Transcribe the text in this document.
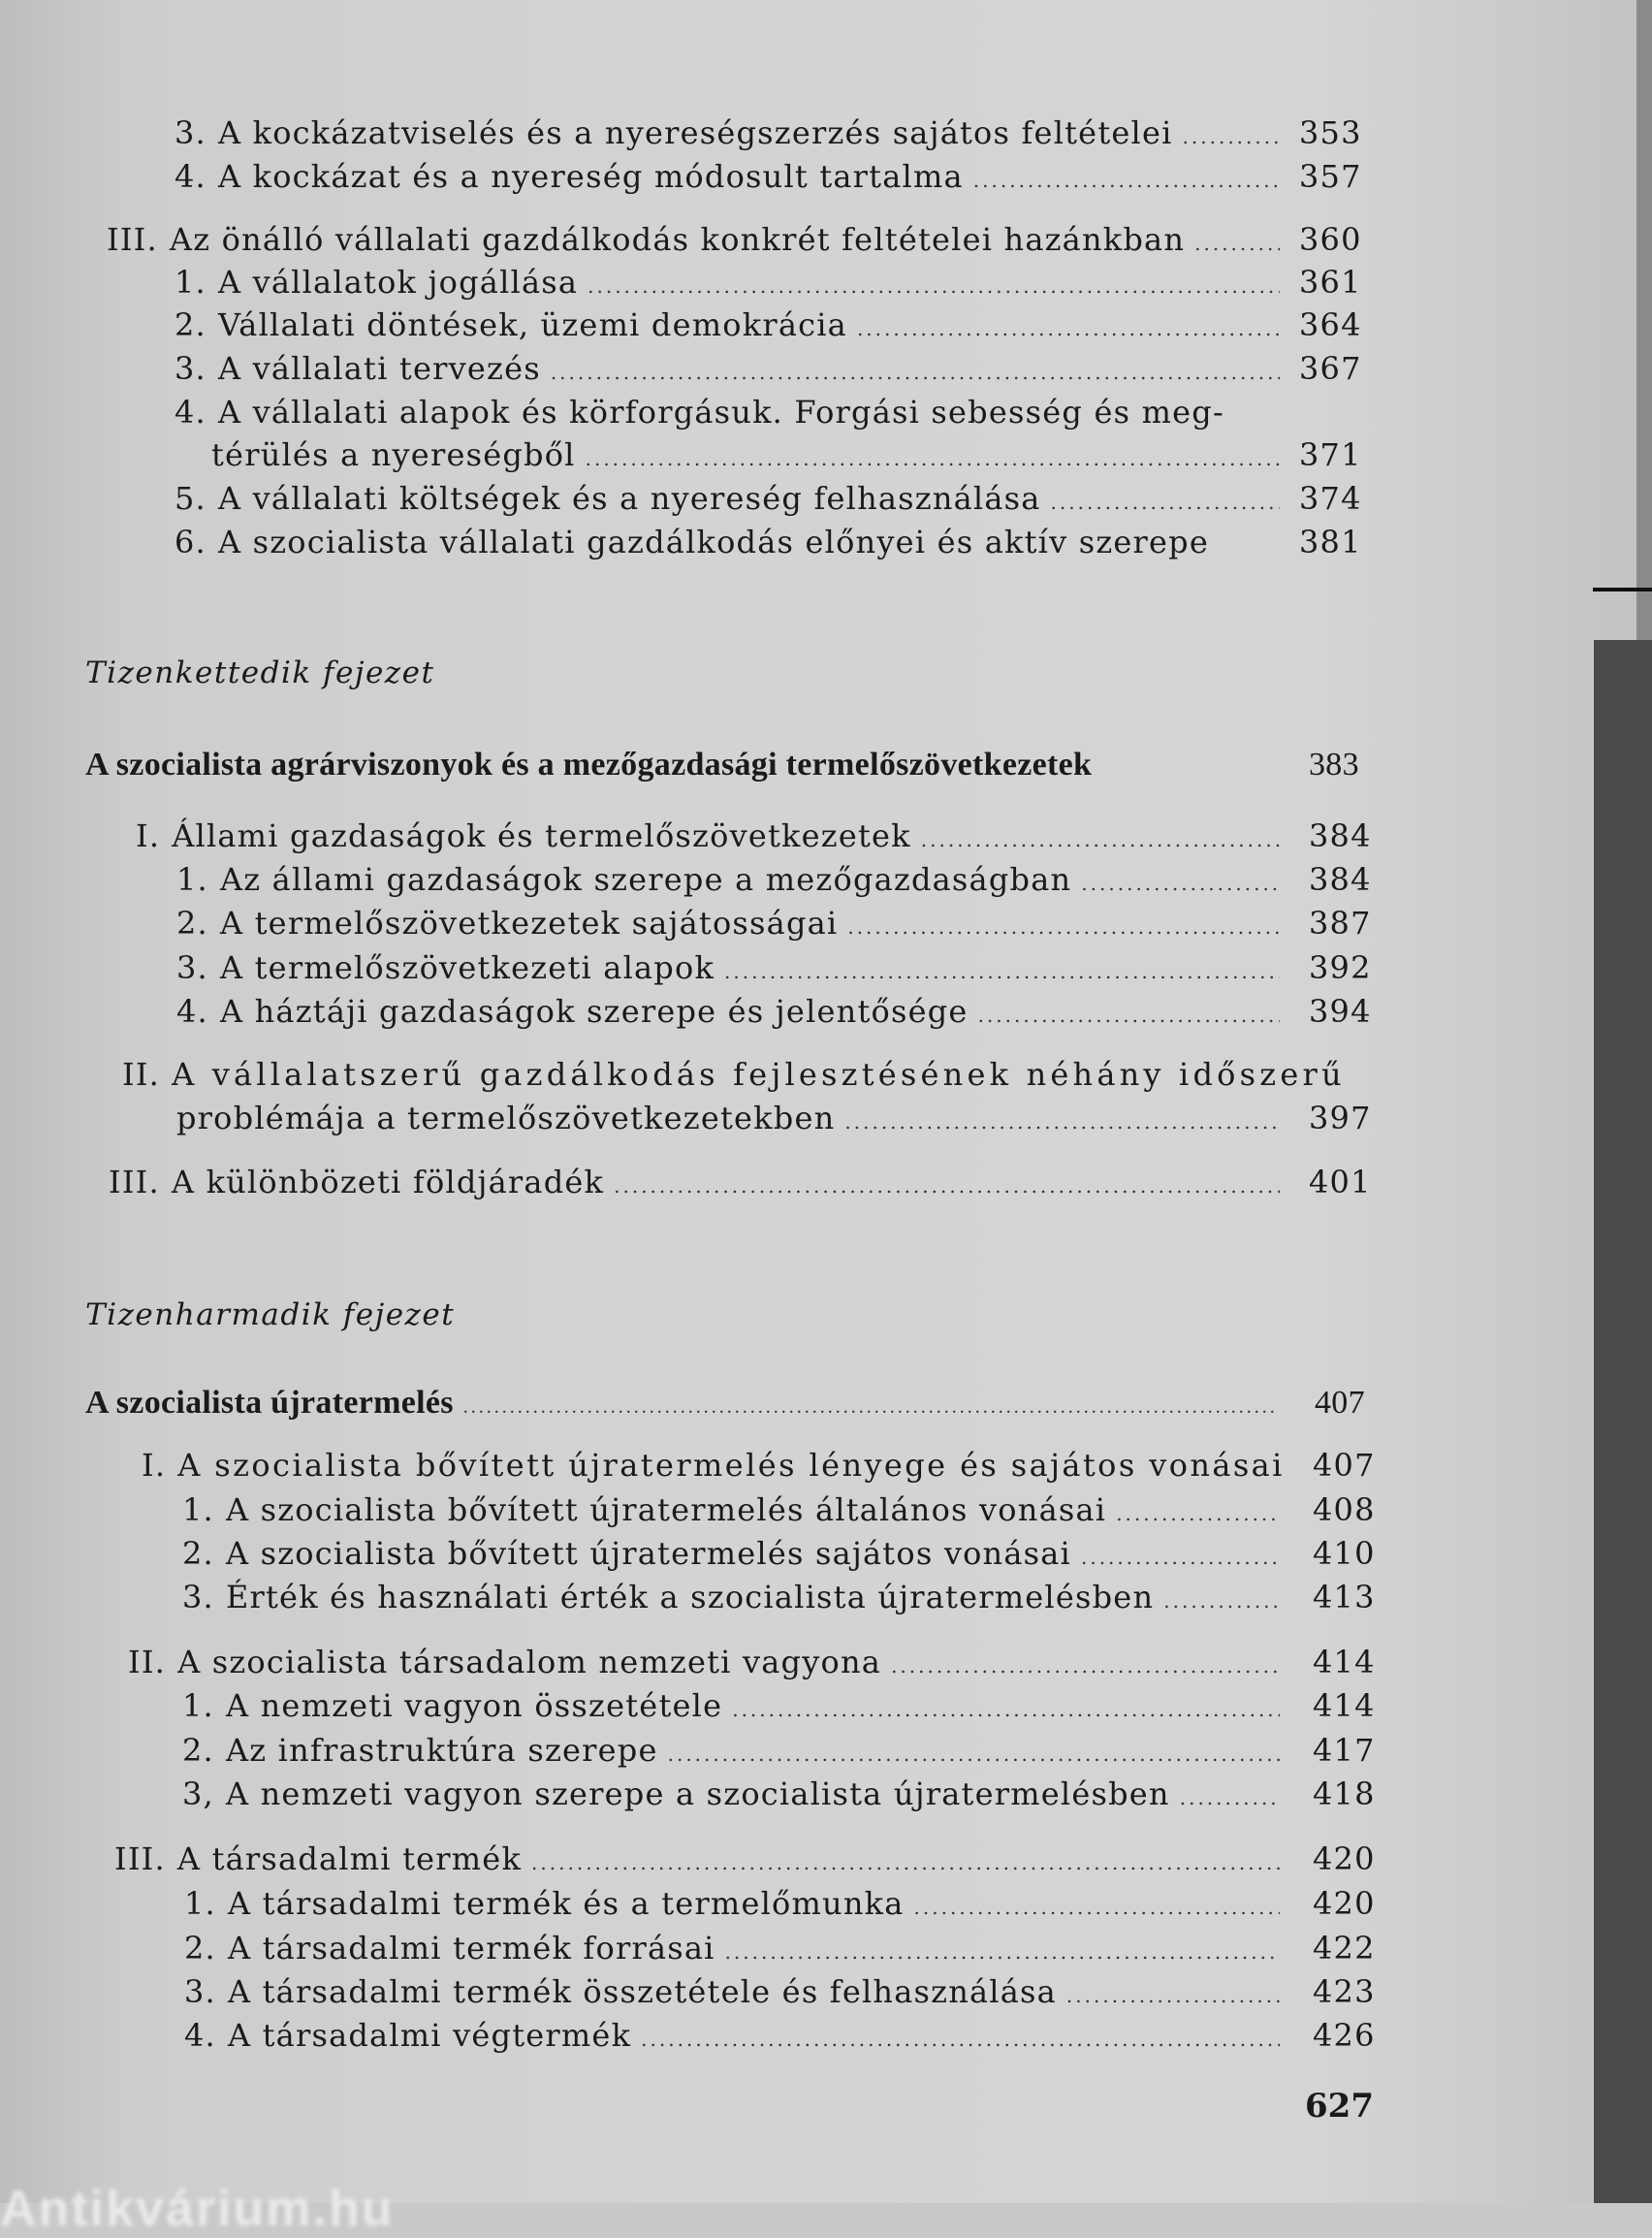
3. A kockázatviselés és a nyereségszerzés sajátos feltételei .....	353
4. A kockázat és a nyereség módosult tartalma .....	357
III. Az önálló vállalati gazdálkodás konkrét feltételei hazánkban .....	360
1. A vállalatok jogállása .....	361
2. Vállalati döntések, üzemi demokrácia .....	364
3. A vállalati tervezés .....	367
4. A vállalati alapok és körforgásuk. Forgási sebesség és meg-
térülés a nyereségből .....	371
5. A vállalati költségek és a nyereség felhasználása .....	374
6. A szocialista vállalati gazdálkodás előnyei és aktív szerepe	381
Tizenkettedik fejezet
A szocialista agrárviszonyok és a mezőgazdasági termelőszövetkezetek	383
I. Állami gazdaságok és termelőszövetkezetek .....	384
1. Az állami gazdaságok szerepe a mezőgazdaságban .....	384
2. A termelőszövetkezetek sajátosságai .....	387
3. A termelőszövetkezeti alapok .....	392
4. A háztáji gazdaságok szerepe és jelentősége .....	394
II. A vállalatszerű gazdálkodás fejlesztésének néhány időszerű
problémája a termelőszövetkezetekben .....	397
III. A különbözeti földjáradék .....	401
Tizenharmadik fejezet
A szocialista újratermelés .....	407
I. A szocialista bővített újratermelés lényege és sajátos vonásai 407
1. A szocialista bővített újratermelés általános vonásai .....	408
2. A szocialista bővített újratermelés sajátos vonásai .....	410
3. Érték és használati érték a szocialista újratermelésben .....	413
II. A szocialista társadalom nemzeti vagyona .....	414
1. A nemzeti vagyon összetétele .....	414
2. Az infrastruktúra szerepe .....	417
3, A nemzeti vagyon szerepe a szocialista újratermelésben .....	418
III. A társadalmi termék .....	420
1. A társadalmi termék és a termelőmunka .....	420
2. A társadalmi termék forrásai .....	422
3. A társadalmi termék összetétele és felhasználása .....	423
4. A társadalmi végtermék .....	426
627
Antikvárium.hu
